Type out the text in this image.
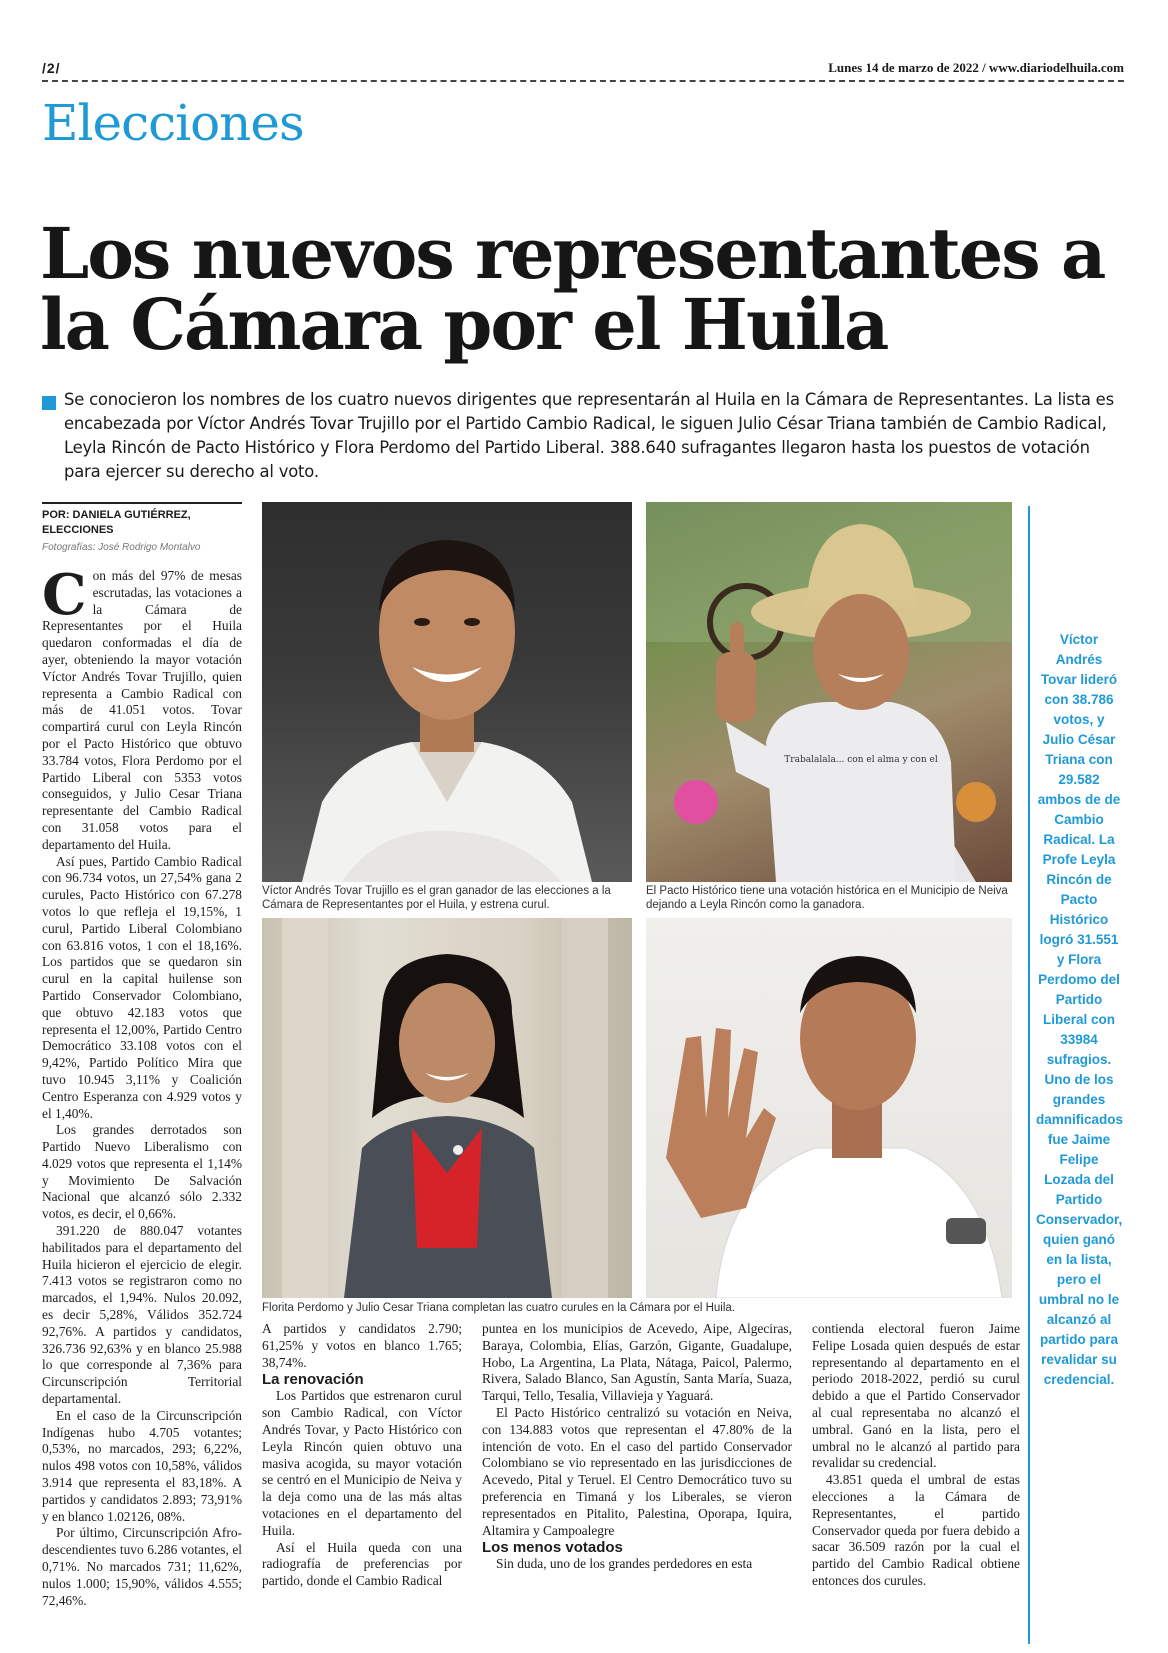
/2/	Lunes 14 de marzo de 2022 / www.diariodelhuila.com
Elecciones
Los nuevos representantes a la Cámara por el Huila

Se conocieron los nombres de los cuatro nuevos dirigentes que representarán al Huila en la Cámara de Representantes. La lista es encabezada por Víctor Andrés Tovar Trujillo por el Partido Cambio Radical, le siguen Julio César Triana también de Cambio Radical, Leyla Rincón de Pacto Histórico y Flora Perdomo del Partido Liberal. 388.640 sufragantes llegaron hasta los puestos de votación para ejercer su derecho al voto.

POR: DANIELA GUTIÉRREZ, ELECCIONES
Fotografías: José Rodrigo Montalvo

Con más del 97% de mesas escrutadas, las votaciones a la Cámara de Representantes por el Huila quedaron conformadas el día de ayer, obteniendo la mayor votación Víctor Andrés Tovar Trujillo, quien representa a Cambio Radical con más de 41.051 votos. Tovar compartirá curul con Leyla Rincón por el Pacto Histórico que obtuvo 33.784 votos, Flora Perdomo por el Partido Liberal con 5353 votos conseguidos, y Julio Cesar Triana representante del Cambio Radical con 31.058 votos para el departamento del Huila.

Así pues, Partido Cambio Radical con 96.734 votos, un 27,54% gana 2 curules, Pacto Histórico con 67.278 votos lo que refleja el 19,15%, 1 curul, Partido Liberal Colombiano con 63.816 votos, 1 con el 18,16%. Los partidos que se quedaron sin curul en la capital huilense son Partido Conservador Colombiano, que obtuvo 42.183 votos que representa el 12,00%, Partido Centro Democrático 33.108 votos con el 9,42%, Partido Político Mira que tuvo 10.945 3,11% y Coalición Centro Esperanza con 4.929 votos y el 1,40%.

Los grandes derrotados son Partido Nuevo Liberalismo con 4.029 votos que representa el 1,14% y Movimiento De Salvación Nacional que alcanzó sólo 2.332 votos, es decir, el 0,66%.

391.220 de 880.047 votantes habilitados para el departamento del Huila hicieron el ejercicio de elegir. 7.413 votos se registraron como no marcados, el 1,94%. Nulos 20.092, es decir 5,28%, Válidos 352.724 92,76%. A partidos y candidatos, 326.736 92,63% y en blanco 25.988 lo que corresponde al 7,36% para Circunscripción Territorial departamental.

En el caso de la Circunscripción Indígenas hubo 4.705 votantes; 0,53%, no marcados, 293; 6,22%, nulos 498 votos con 10,58%, válidos 3.914 que representa el 83,18%. A partidos y candidatos 2.893; 73,91% y en blanco 1.02126, 08%.

Por último, Circunscripción Afro-descendientes tuvo 6.286 votantes, el 0,71%. No marcados 731; 11,62%, nulos 1.000; 15,90%, válidos 4.555; 72,46%.

Víctor Andrés Tovar Trujillo es el gran ganador de las elecciones a la Cámara de Representantes por el Huila, y estrena curul.
Trabalalala... con el alma y con el
El Pacto Histórico tiene una votación histórica en el Municipio de Neiva dejando a Leyla Rincón como la ganadora.
Florita Perdomo y Julio Cesar Triana completan las cuatro curules en la Cámara por el Huila.

A partidos y candidatos 2.790; 61,25% y votos en blanco 1.765; 38,74%.

La renovación

Los Partidos que estrenaron curul son Cambio Radical, con Víctor Andrés Tovar, y Pacto Histórico con Leyla Rincón quien obtuvo una masiva acogida, su mayor votación se centró en el Municipio de Neiva y la deja como una de las más altas votaciones en el departamento del Huila.

Así el Huila queda con una radiografía de preferencias por partido, donde el Cambio Radical

puntea en los municipios de Acevedo, Aipe, Algeciras, Baraya, Colombia, Elías, Garzón, Gigante, Guadalupe, Hobo, La Argentina, La Plata, Nátaga, Paicol, Palermo, Rivera, Salado Blanco, San Agustín, Santa María, Suaza, Tarqui, Tello, Tesalia, Villavieja y Yaguará.

El Pacto Histórico centralizó su votación en Neiva, con 134.883 votos que representan el 47.80% de la intención de voto. En el caso del partido Conservador Colombiano se vio representado en las jurisdicciones de Acevedo, Pital y Teruel. El Centro Democrático tuvo su preferencia en Timaná y los Liberales, se vieron representados en Pitalito, Palestina, Oporapa, Iquira, Altamira y Campoalegre

Los menos votados

Sin duda, uno de los grandes perdedores en esta

contienda electoral fueron Jaime Felipe Losada quien después de estar representando al departamento en el periodo 2018-2022, perdió su curul debido a que el Partido Conservador al cual representaba no alcanzó el umbral. Ganó en la lista, pero el umbral no le alcanzó al partido para revalidar su credencial.

43.851 queda el umbral de estas elecciones a la Cámara de Representantes, el partido Conservador queda por fuera debido a sacar 36.509 razón por la cual el partido del Cambio Radical obtiene entonces dos curules.

Víctor Andrés Tovar lideró con 38.786 votos, y Julio César Triana con 29.582 ambos de de Cambio Radical. La Profe Leyla Rincón de Pacto Histórico logró 31.551 y Flora Perdomo del Partido Liberal con 33984 sufragios. Uno de los grandes damnificados fue Jaime Felipe Lozada del Partido Conservador, quien ganó en la lista, pero el umbral no le alcanzó al partido para revalidar su credencial.
